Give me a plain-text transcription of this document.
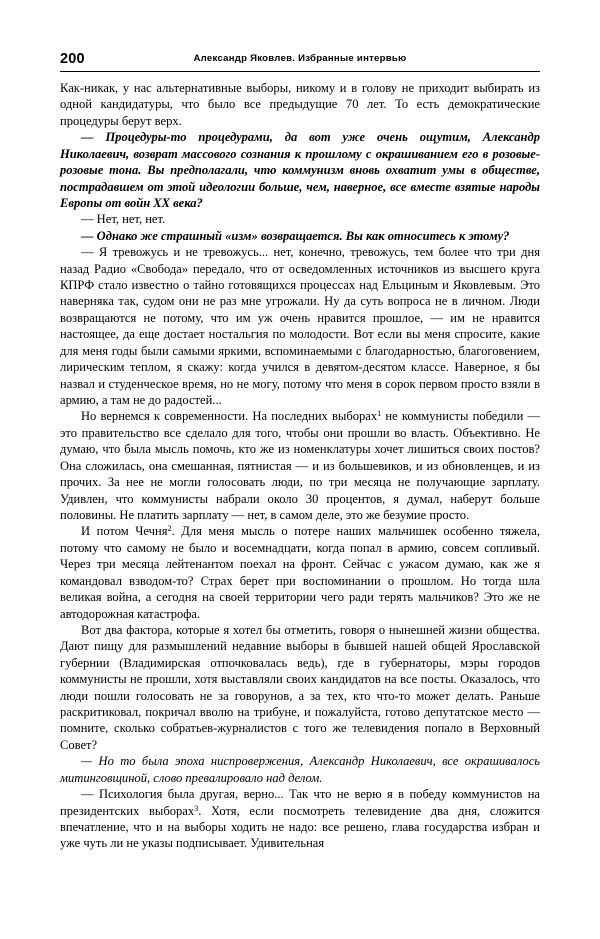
200	Александр Яковлев. Избранные интервью

Как-никак, у нас альтернативные выборы, никому и в голову не приходит выбирать из одной кандидатуры, что было все предыдущие 70 лет. То есть демократические процедуры берут верх.

— Процедуры-то процедурами, да вот уже очень ощутим, Александр Николаевич, возврат массового сознания к прошлому с окрашиванием его в розовые-розовые тона. Вы предполагали, что коммунизм вновь охватит умы в обществе, пострадавшем от этой идеологии больше, чем, наверное, все вместе взятые народы Европы от войн XX века?

— Нет, нет, нет.

— Однако же страшный «изм» возвращается. Вы как относитесь к этому?

— Я тревожусь и не тревожусь... нет, конечно, тревожусь, тем более что три дня назад Радио «Свобода» передало, что от осведомленных источников из высшего круга КПРФ стало известно о тайно готовящихся процессах над Ельциным и Яковлевым. Это наверняка так, судом они не раз мне угрожали. Ну да суть вопроса не в личном. Люди возвращаются не потому, что им уж очень нравится прошлое, — им не нравится настоящее, да еще достает ностальгия по молодости. Вот если вы меня спросите, какие для меня годы были самыми яркими, вспоминаемыми с благодарностью, благоговением, лирическим теплом, я скажу: когда учился в девятом-десятом классе. Наверное, я бы назвал и студенческое время, но не могу, потому что меня в сорок первом просто взяли в армию, а там не до радостей...

Но вернемся к современности. На последних выборах$^1$ не коммунисты победили — это правительство все сделало для того, чтобы они прошли во власть. Объективно. Не думаю, что была мысль помочь, кто же из номенклатуры хочет лишиться своих постов? Она сложилась, она смешанная, пятнистая — и из большевиков, и из обновленцев, и из прочих. За нее не могли голосовать люди, по три месяца не получающие зарплату. Удивлен, что коммунисты набрали около 30 процентов, я думал, наберут больше половины. Не платить зарплату — нет, в самом деле, это же безумие просто.

И потом Чечня$^2$. Для меня мысль о потере наших мальчишек особенно тяжела, потому что самому не было и восемнадцати, когда попал в армию, совсем сопливый. Через три месяца лейтенантом поехал на фронт. Сейчас с ужасом думаю, как же я командовал взводом-то? Страх берет при воспоминании о прошлом. Но тогда шла великая война, а сегодня на своей территории чего ради терять мальчиков? Это же не автодорожная катастрофа.

Вот два фактора, которые я хотел бы отметить, говоря о нынешней жизни общества. Дают пищу для размышлений недавние выборы в бывшей нашей общей Ярославской губернии (Владимирская отпочковалась ведь), где в губернаторы, мэры городов коммунисты не прошли, хотя выставляли своих кандидатов на все посты. Оказалось, что люди пошли голосовать не за говорунов, а за тех, кто что-то может делать. Раньше раскритиковал, покричал вволю на трибуне, и пожалуйста, готово депутатское место — помните, сколько собратьев-журналистов с того же телевидения попало в Верховный Совет?

— Но то была эпоха ниспровержения, Александр Николаевич, все окрашивалось митинговщиной, слово превалировало над делом.

— Психология была другая, верно... Так что не верю я в победу коммунистов на президентских выборах$^3$. Хотя, если посмотреть телевидение два дня, сложится впечатление, что и на выборы ходить не надо: все решено, глава государства избран и уже чуть ли не указы подписывает. Удивительная
